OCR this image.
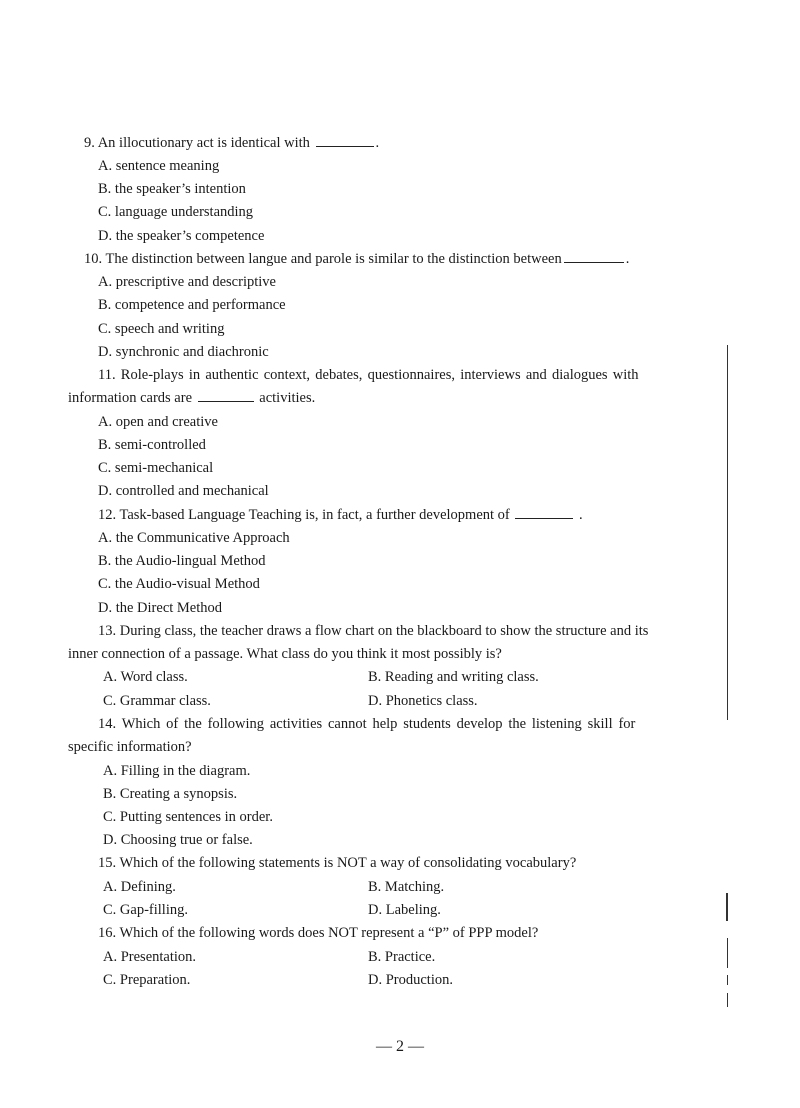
9. An illocutionary act is identical with	.
A. sentence meaning
B. the speaker’s intention
C. language understanding
D. the speaker’s competence
10. The distinction between langue and parole is similar to the distinction between	.
A. prescriptive and descriptive
B. competence and performance
C. speech and writing
D. synchronic and diachronic
11. Role-plays in authentic context, debates, questionnaires, interviews and dialogues with
information cards are	activities.
A. open and creative
B. semi-controlled
C. semi-mechanical
D. controlled and mechanical
12. Task-based Language Teaching is, in fact, a further development of	.
A. the Communicative Approach
B. the Audio-lingual Method
C. the Audio-visual Method
D. the Direct Method
13. During class, the teacher draws a flow chart on the blackboard to show the structure and its
inner connection of a passage. What class do you think it most possibly is?
A. Word class.	B. Reading and writing class.
C. Grammar class.	D. Phonetics class.
14. Which of the following activities cannot help students develop the listening skill for
specific information?
A. Filling in the diagram.
B. Creating a synopsis.
C. Putting sentences in order.
D. Choosing true or false.
15. Which of the following statements is NOT a way of consolidating vocabulary?
A. Defining.	B. Matching.
C. Gap-filling.	D. Labeling.
16. Which of the following words does NOT represent a “P” of PPP model?
A. Presentation.	B. Practice.
C. Preparation.	D. Production.
— 2 —
